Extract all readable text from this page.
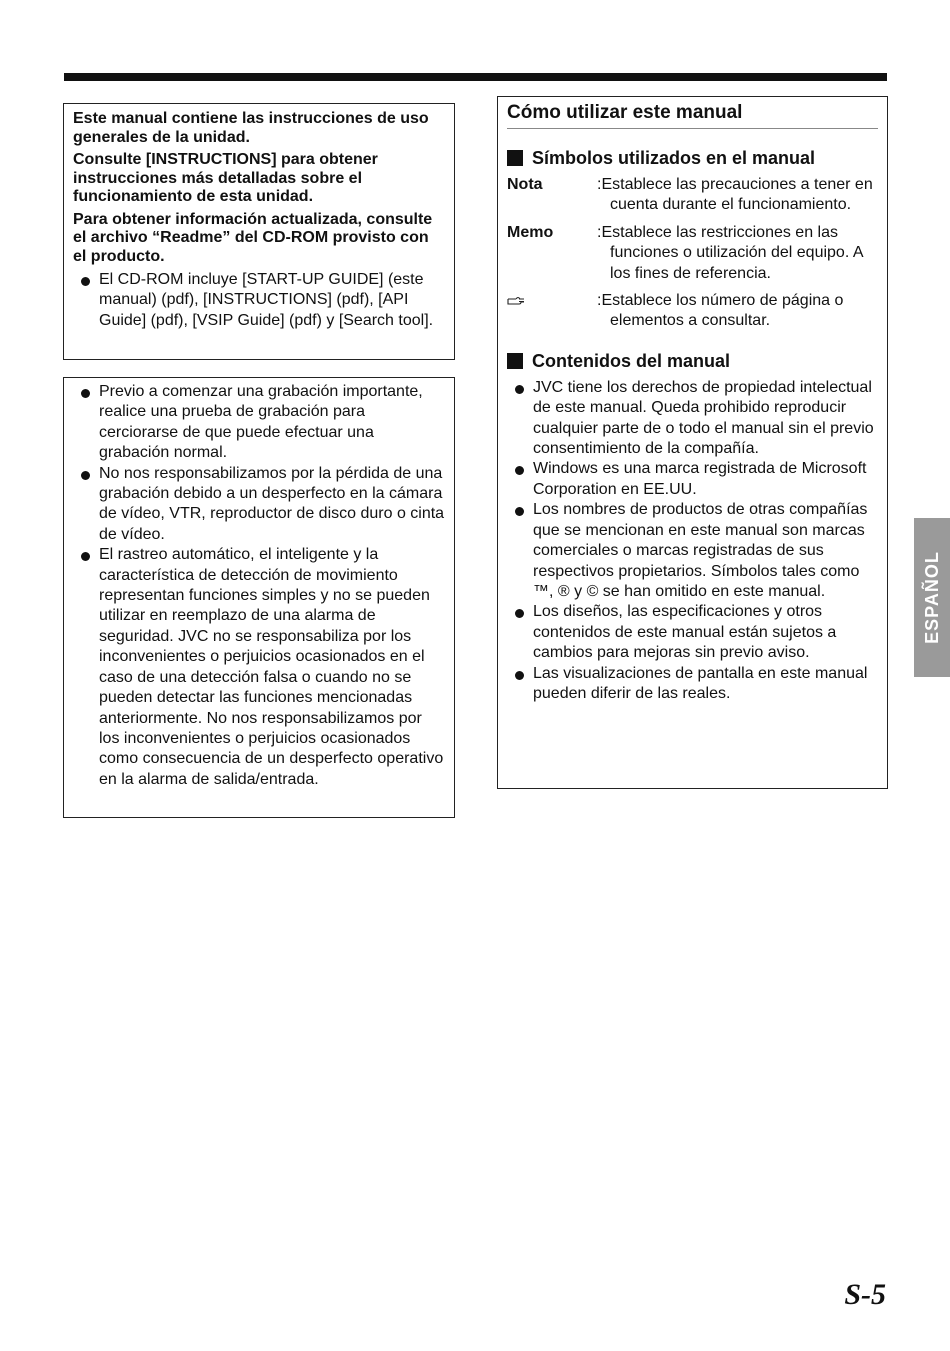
Este manual contiene las instrucciones de uso generales de la unidad.

Consulte [INSTRUCTIONS] para obtener instrucciones más detalladas sobre el funcionamiento de esta unidad.

Para obtener información actualizada, consulte el archivo “Readme” del CD-ROM provisto con el producto.

El CD-ROM incluye [START-UP GUIDE] (este manual) (pdf), [INSTRUCTIONS] (pdf), [API Guide] (pdf), [VSIP Guide] (pdf) y [Search tool].
Previo a comenzar una grabación importante, realice una prueba de grabación para cerciorarse de que puede efectuar una grabación normal.
No nos responsabilizamos por la pérdida de una grabación debido a un desperfecto en la cámara de vídeo, VTR, reproductor de disco duro o cinta de vídeo.
El rastreo automático, el inteligente y la característica de detección de movimiento representan funciones simples y no se pueden utilizar en reemplazo de una alarma de seguridad. JVC no se responsabiliza por los inconvenientes o perjuicios ocasionados en el caso de una detección falsa o cuando no se pueden detectar las funciones mencionadas anteriormente. No nos responsabilizamos por los inconvenientes o perjuicios ocasionados como consecuencia de un desperfecto operativo en la alarma de salida/entrada.
Cómo utilizar este manual
Símbolos utilizados en el manual
Nota	:Establece las precauciones a tener en cuenta durante el funcionamiento.
Memo	:Establece las restricciones en las funciones o utilización del equipo. A los fines de referencia.
:Establece los número de página o elementos a consultar.
Contenidos del manual
JVC tiene los derechos de propiedad intelectual de este manual. Queda prohibido reproducir cualquier parte de o todo el manual sin el previo consentimiento de la compañía.
Windows es una marca registrada de Microsoft Corporation en EE.UU.
Los nombres de productos de otras compañías que se mencionan en este manual son marcas comerciales o marcas registradas de sus respectivos propietarios. Símbolos tales como ™, ® y © se han omitido en este manual.
Los diseños, las especificaciones y otros contenidos de este manual están sujetos a cambios para mejoras sin previo aviso.
Las visualizaciones de pantalla en este manual pueden diferir de las reales.
ESPAÑOL
S-5
